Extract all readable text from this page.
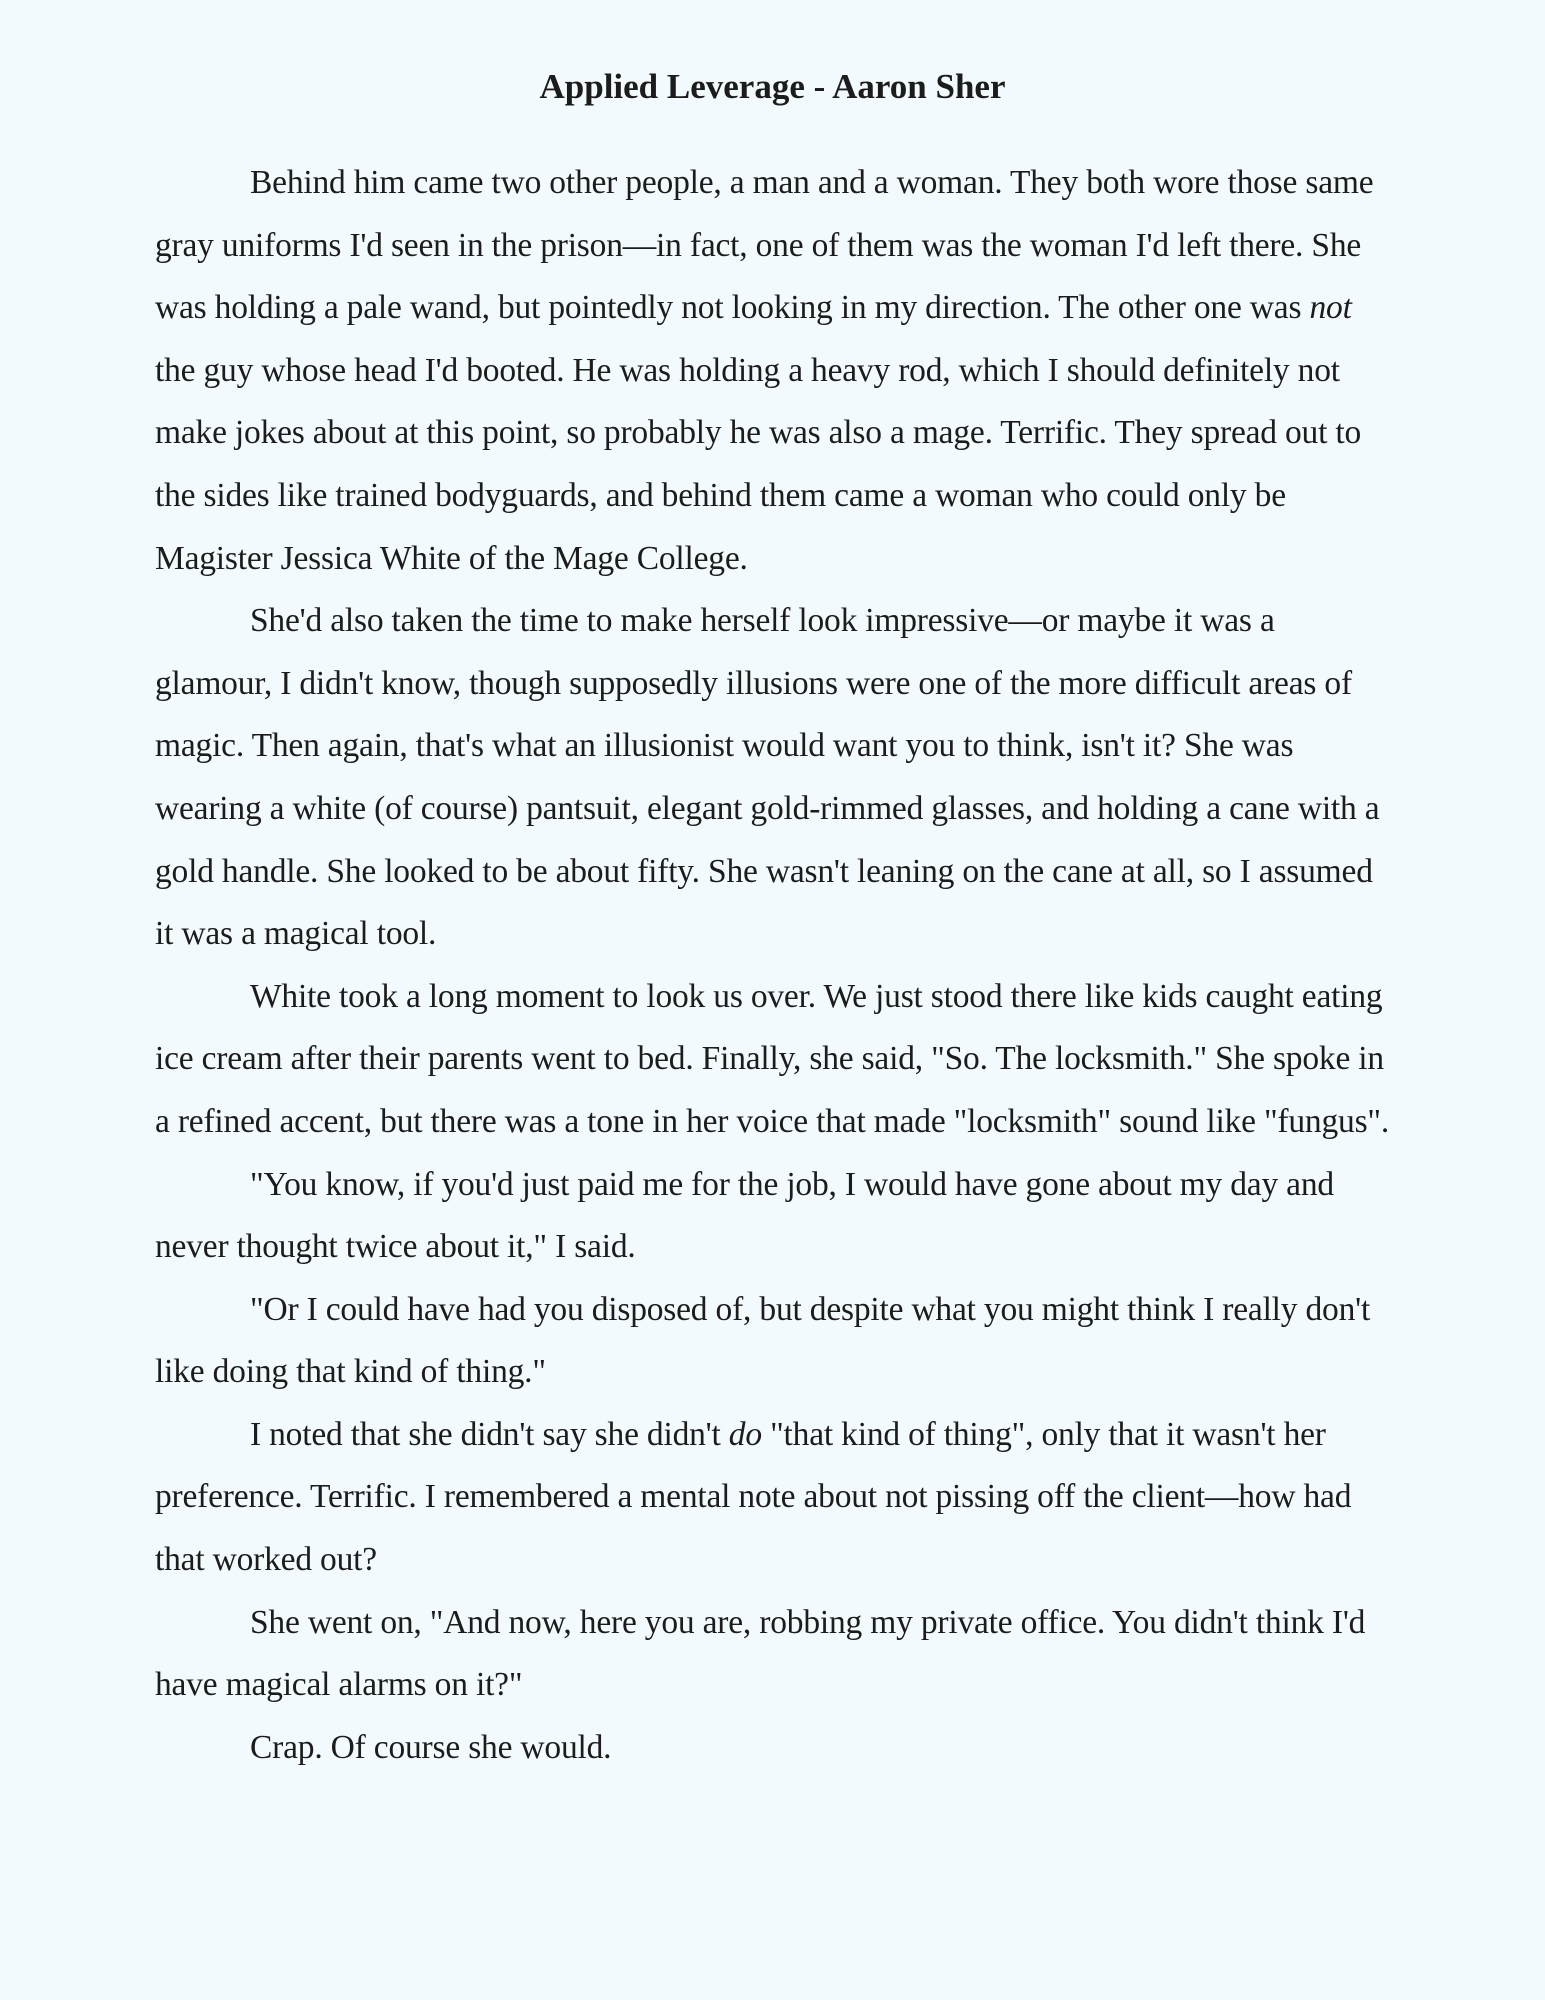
Applied Leverage - Aaron Sher

Behind him came two other people, a man and a woman. They both wore those same gray uniforms I'd seen in the prison—in fact, one of them was the woman I'd left there. She was holding a pale wand, but pointedly not looking in my direction. The other one was not the guy whose head I'd booted. He was holding a heavy rod, which I should definitely not make jokes about at this point, so probably he was also a mage. Terrific. They spread out to the sides like trained bodyguards, and behind them came a woman who could only be Magister Jessica White of the Mage College.

She'd also taken the time to make herself look impressive—or maybe it was a glamour, I didn't know, though supposedly illusions were one of the more difficult areas of magic. Then again, that's what an illusionist would want you to think, isn't it? She was wearing a white (of course) pantsuit, elegant gold-rimmed glasses, and holding a cane with a gold handle. She looked to be about fifty. She wasn't leaning on the cane at all, so I assumed it was a magical tool.

White took a long moment to look us over. We just stood there like kids caught eating ice cream after their parents went to bed. Finally, she said, "So. The locksmith." She spoke in a refined accent, but there was a tone in her voice that made "locksmith" sound like "fungus".

"You know, if you'd just paid me for the job, I would have gone about my day and never thought twice about it," I said.

"Or I could have had you disposed of, but despite what you might think I really don't like doing that kind of thing."

I noted that she didn't say she didn't do "that kind of thing", only that it wasn't her preference. Terrific. I remembered a mental note about not pissing off the client—how had that worked out?

She went on, "And now, here you are, robbing my private office. You didn't think I'd have magical alarms on it?"

Crap. Of course she would.
